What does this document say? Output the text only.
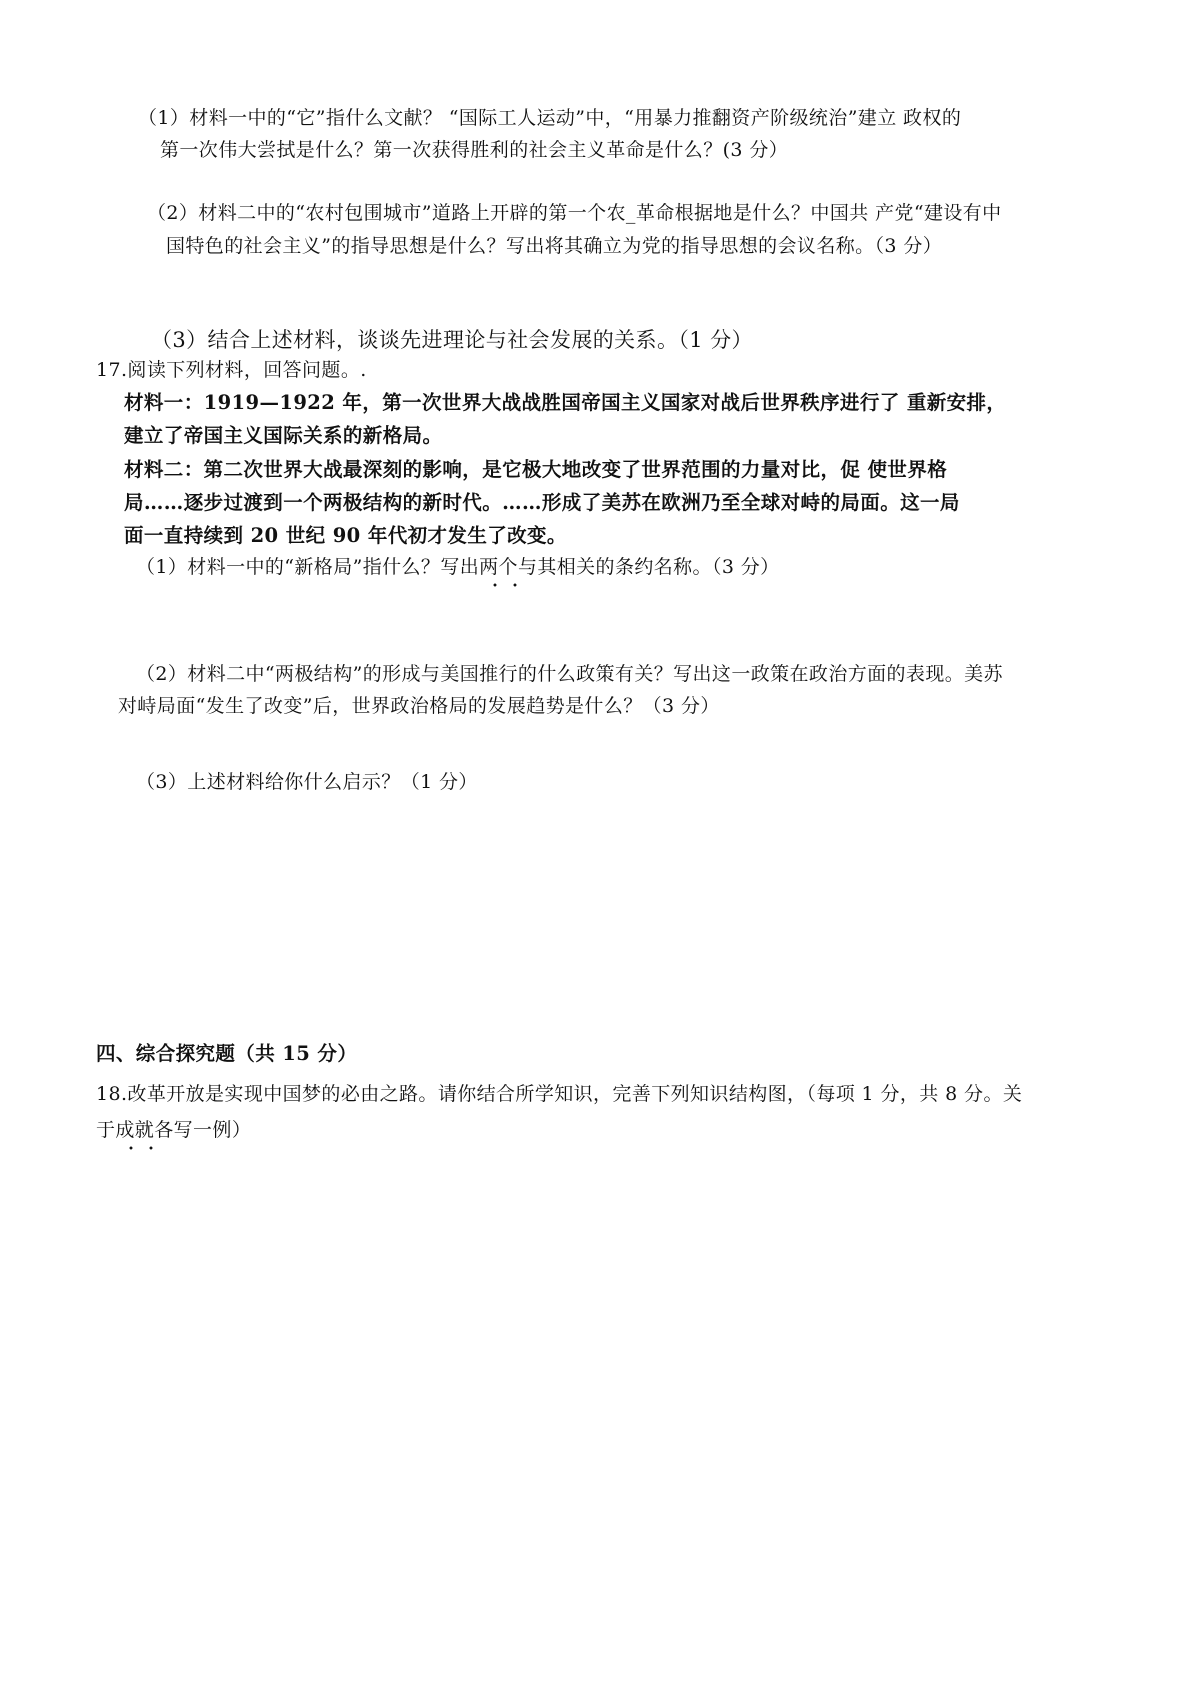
（1）材料一中的“它”指什么文献？ “国际工人运动”中，“用暴力推翻资产阶级统治”建立 政权的
第一次伟大尝拭是什么？第一次获得胜利的社会主义革命是什么？(3 分）
（2）材料二中的“农村包围城市”道路上开辟的第一个农_革命根据地是什么？中国共 产党“建设有中
国特色的社会主义”的指导思想是什么？写出将其确立为党的指导思想的会议名称。（3 分）
（3）结合上述材料，谈谈先进理论与社会发展的关系。（1 分）
17.阅读下列材料，回答问题。.
材料一：1919—1922 年，第一次世界大战战胜国帝国主义国家对战后世界秩序进行了 重新安排，
建立了帝国主义国际关系的新格局。
材料二：第二次世界大战最深刻的影响，是它极大地改变了世界范围的力量对比，促 使世界格
局……逐步过渡到一个两极结构的新时代。……形成了美苏在欧洲乃至全球对峙的局面。这一局
面一直持续到 20 世纪 90 年代初才发生了改变。
（1）材料一中的“新格局”指什么？写出两个与其相关的条约名称。（3 分）
（2）材料二中“两极结构”的形成与美国推行的什么政策有关？写出这一政策在政治方面的表现。美苏
对峙局面“发生了改变”后，世界政治格局的发展趋势是什么？（3 分）
（3）上述材料给你什么启示？（1 分）
四、综合探究题（共 15 分）
18.改革开放是实现中国梦的必由之路。请你结合所学知识，完善下列知识结构图，（每项 1 分，共 8 分。关
于成就各写一例）
